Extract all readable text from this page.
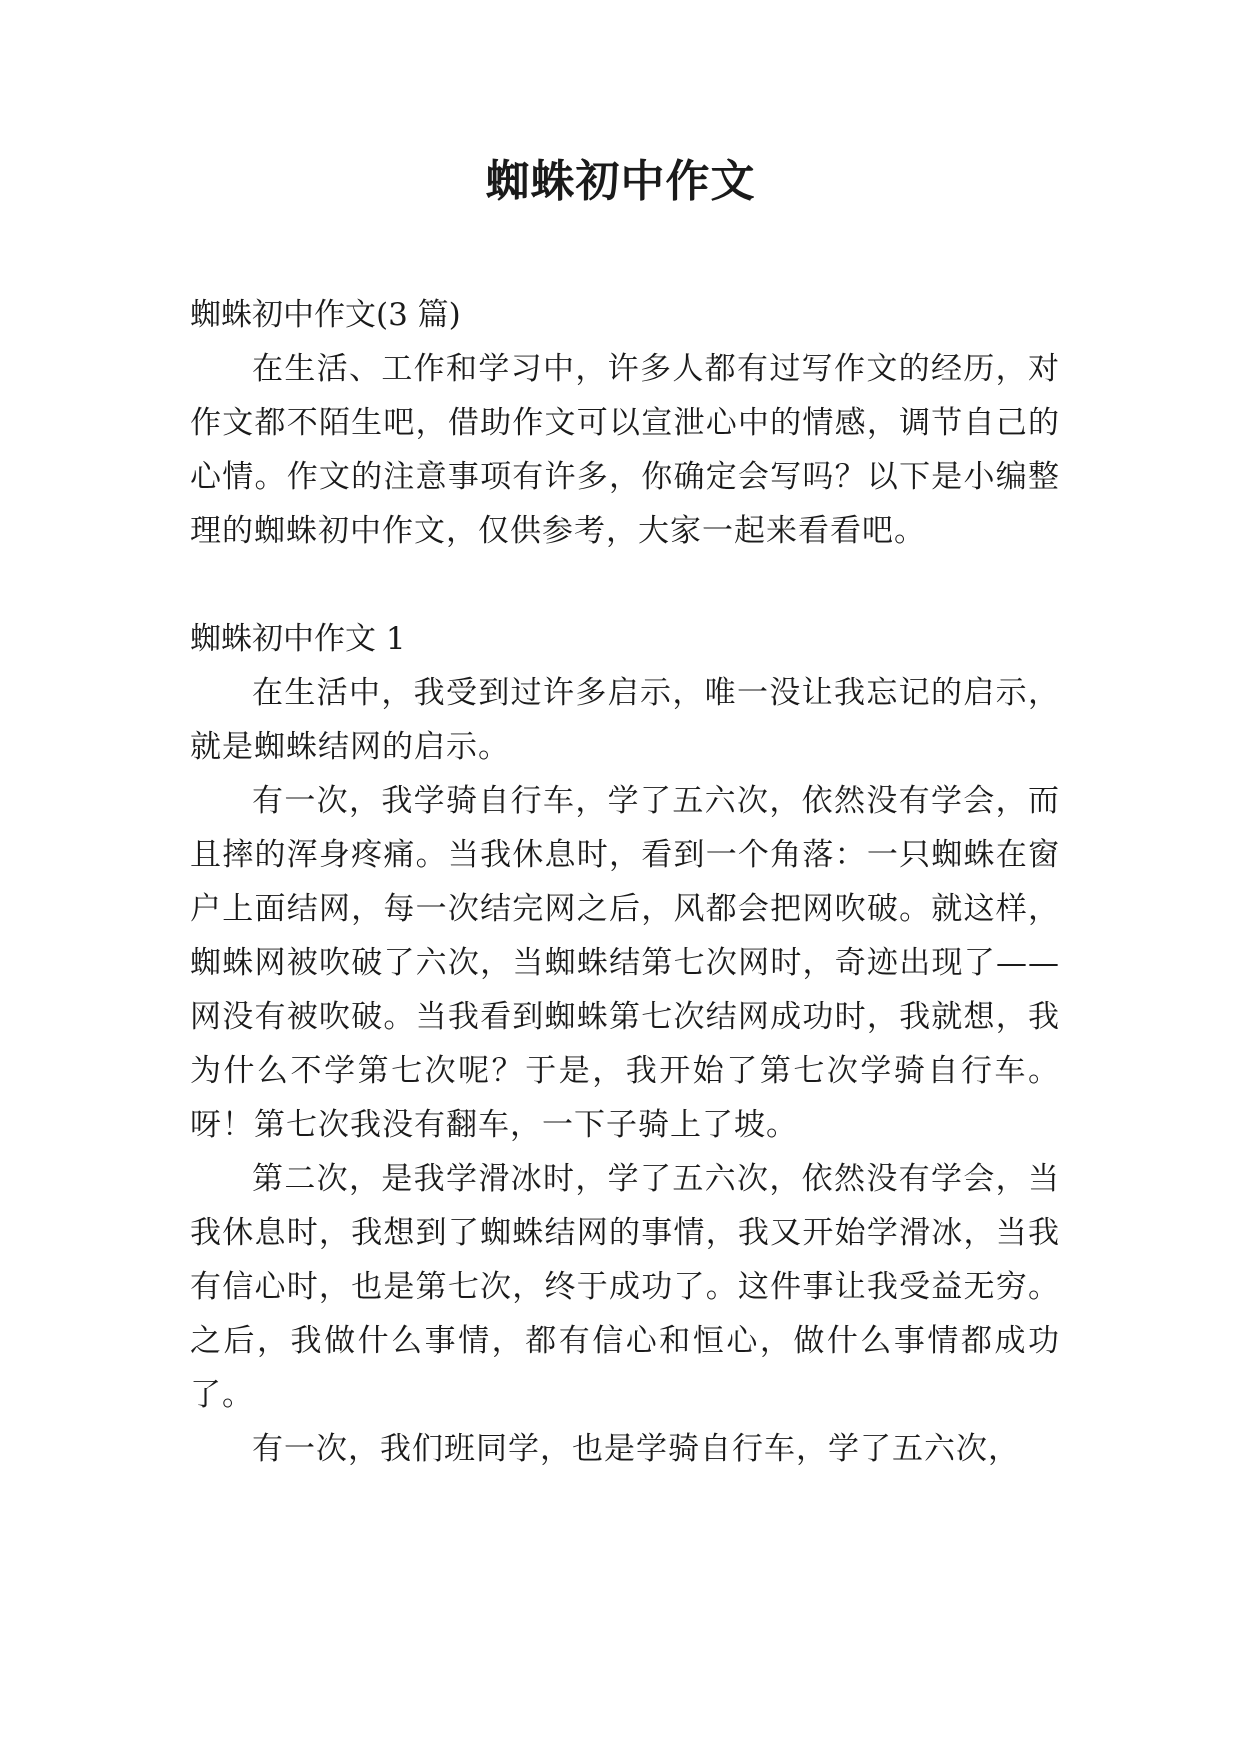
蜘蛛初中作文

蜘蛛初中作文(3 篇)

在生活、工作和学习中，许多人都有过写作文的经历，对作文都不陌生吧，借助作文可以宣泄心中的情感，调节自己的心情。作文的注意事项有许多，你确定会写吗？以下是小编整理的蜘蛛初中作文，仅供参考，大家一起来看看吧。

蜘蛛初中作文 1

在生活中，我受到过许多启示，唯一没让我忘记的启示，就是蜘蛛结网的启示。

有一次，我学骑自行车，学了五六次，依然没有学会，而且摔的浑身疼痛。当我休息时，看到一个角落：一只蜘蛛在窗户上面结网，每一次结完网之后，风都会把网吹破。就这样，蜘蛛网被吹破了六次，当蜘蛛结第七次网时，奇迹出现了——网没有被吹破。当我看到蜘蛛第七次结网成功时，我就想，我为什么不学第七次呢？于是，我开始了第七次学骑自行车。呀！第七次我没有翻车，一下子骑上了坡。

第二次，是我学滑冰时，学了五六次，依然没有学会，当我休息时，我想到了蜘蛛结网的事情，我又开始学滑冰，当我有信心时，也是第七次，终于成功了。这件事让我受益无穷。之后，我做什么事情，都有信心和恒心，做什么事情都成功了。

有一次，我们班同学，也是学骑自行车，学了五六次，
